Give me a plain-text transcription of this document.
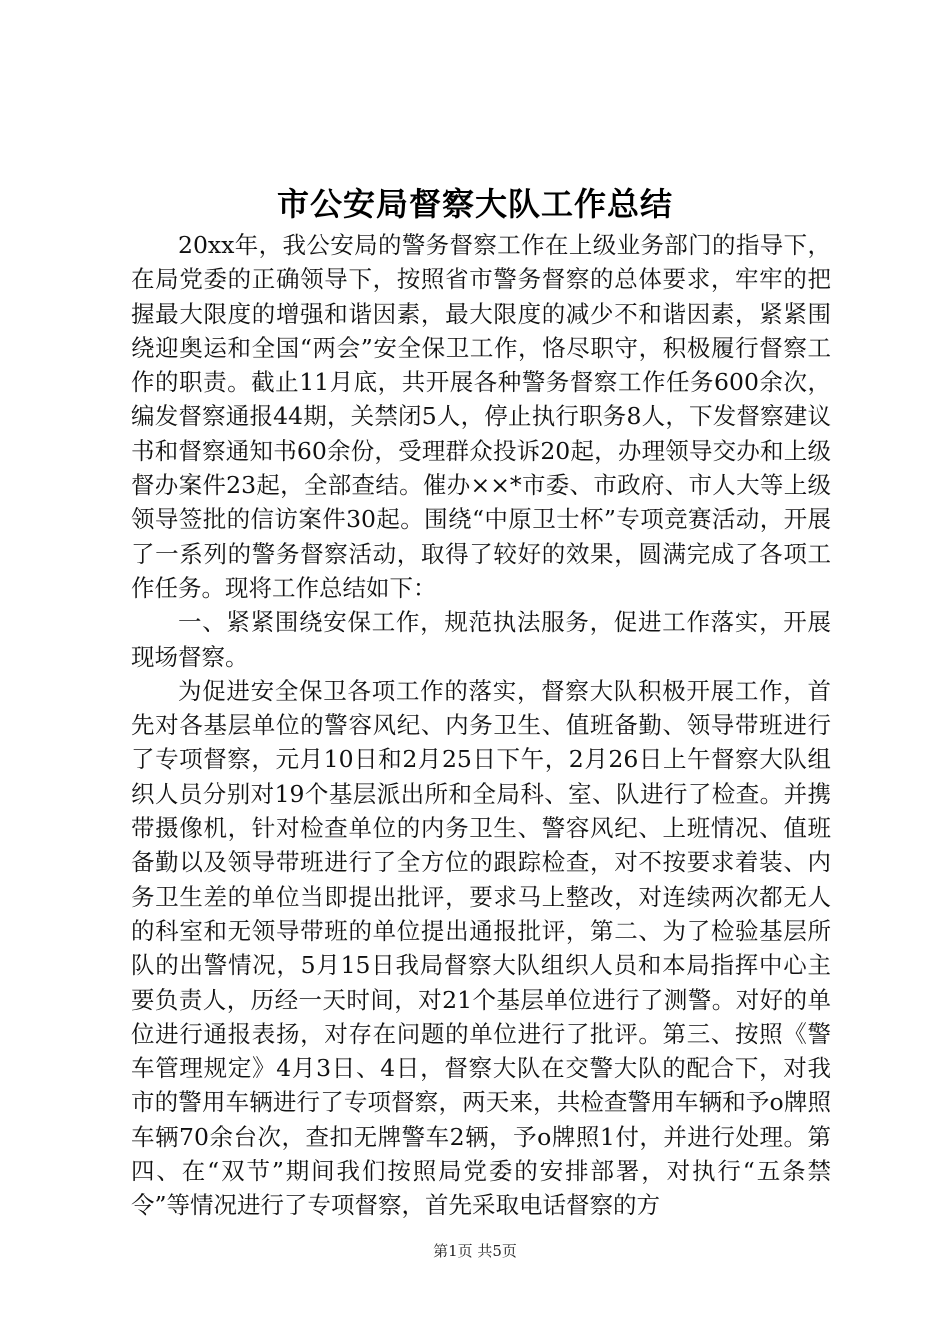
市公安局督察大队工作总结

20xx年，我公安局的警务督察工作在上级业务部门的指导下，在局党委的正确领导下，按照省市警务督察的总体要求，牢牢的把握最大限度的增强和谐因素，最大限度的减少不和谐因素，紧紧围绕迎奥运和全国“两会”安全保卫工作，恪尽职守，积极履行督察工作的职责。截止11月底，共开展各种警务督察工作任务600余次，编发督察通报44期，关禁闭5人，停止执行职务8人，下发督察建议书和督察通知书60余份，受理群众投诉20起，办理领导交办和上级督办案件23起，全部查结。催办××*市委、市政府、市人大等上级领导签批的信访案件30起。围绕“中原卫士杯”专项竞赛活动，开展了一系列的警务督察活动，取得了较好的效果，圆满完成了各项工作任务。现将工作总结如下：

一、紧紧围绕安保工作，规范执法服务，促进工作落实，开展现场督察。

为促进安全保卫各项工作的落实，督察大队积极开展工作，首先对各基层单位的警容风纪、内务卫生、值班备勤、领导带班进行了专项督察，元月10日和2月25日下午，2月26日上午督察大队组织人员分别对19个基层派出所和全局科、室、队进行了检查。并携带摄像机，针对检查单位的内务卫生、警容风纪、上班情况、值班备勤以及领导带班进行了全方位的跟踪检查，对不按要求着装、内务卫生差的单位当即提出批评，要求马上整改，对连续两次都无人的科室和无领导带班的单位提出通报批评，第二、为了检验基层所队的出警情况，5月15日我局督察大队组织人员和本局指挥中心主要负责人，历经一天时间，对21个基层单位进行了测警。对好的单位进行通报表扬，对存在问题的单位进行了批评。第三、按照《警车管理规定》4月3日、4日，督察大队在交警大队的配合下，对我市的警用车辆进行了专项督察，两天来，共检查警用车辆和予o牌照车辆70余台次，查扣无牌警车2辆，予o牌照1付，并进行处理。第四、在“双节”期间我们按照局党委的安排部署，对执行“五条禁令”等情况进行了专项督察，首先采取电话督察的方

第1页 共5页
